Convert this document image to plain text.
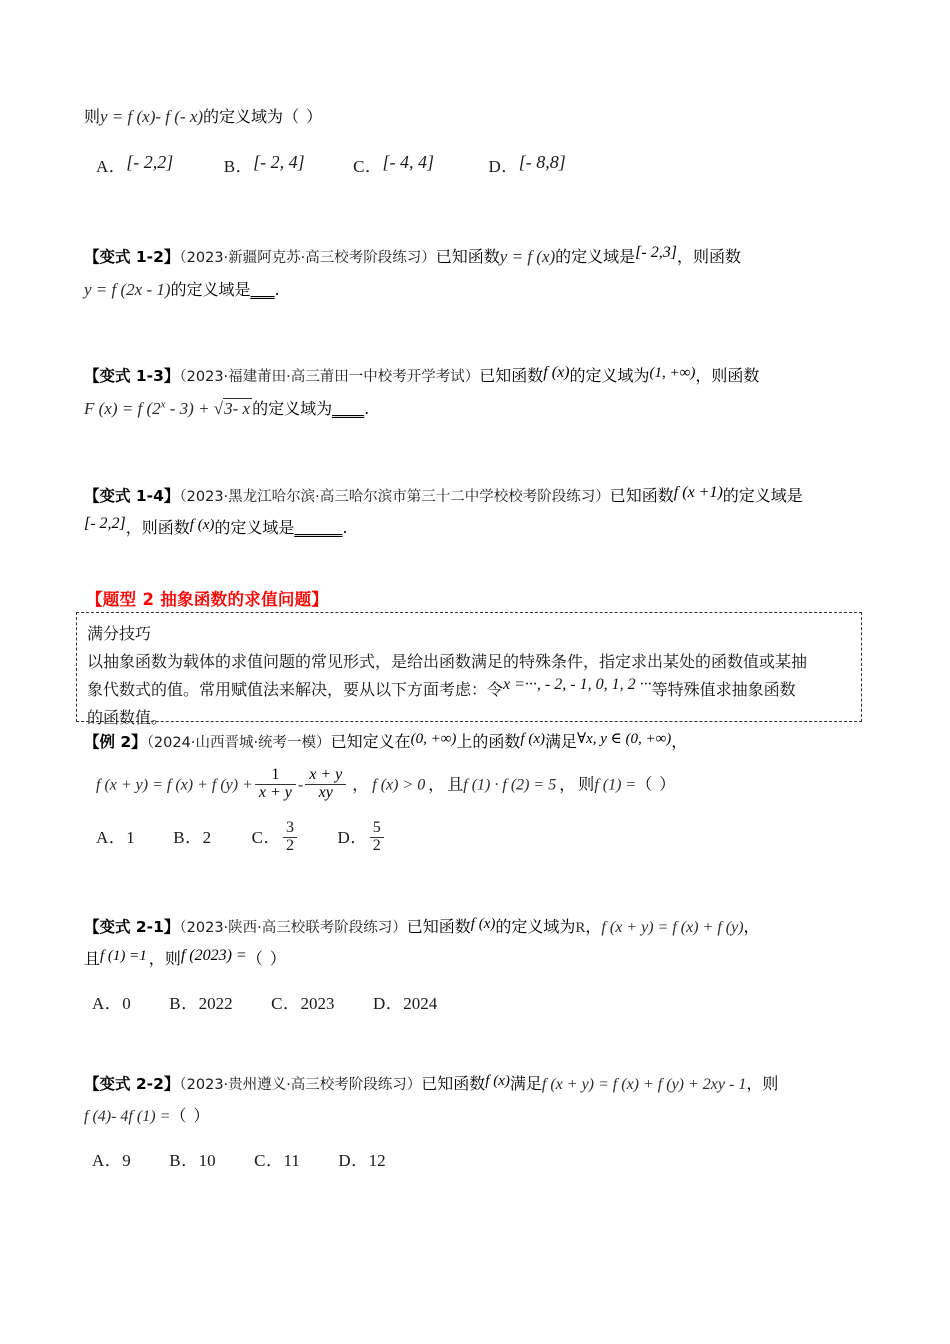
则y = f (x)- f (- x)的定义域为（ ）
A．[- 2,2]	B．[- 2, 4]	C．[- 4, 4]	D．[- 8,8]
【变式 1-2】（2023·新疆阿克苏·高三校考阶段练习）已知函数y = f (x)的定义域是[- 2,3]，则函数
y = f (2x - 1)的定义域是___.
【变式 1-3】（2023·福建莆田·高三莆田一中校考开学考试）已知函数f (x)的定义域为(1, +∞)，则函数
F (x) = f (2$^x$ - 3) + √3- x 的定义域为____.
【变式 1-4】（2023·黑龙江哈尔滨·高三哈尔滨市第三十二中学校校考阶段练习）已知函数f (x +1)的定义域是
[- 2,2]，则函数f (x)的定义域是______.
【题型 2 抽象函数的求值问题】
满分技巧
以抽象函数为载体的求值问题的常见形式，是给出函数满足的特殊条件，指定求出某处的函数值或某抽
象代数式的值。常用赋值法来解决，要从以下方面考虑：令x =···, - 2, - 1, 0, 1, 2 ···等特殊值求抽象函数
的函数值。
【例 2】（2024·山西晋城·统考一模）已知定义在(0, +∞)上的函数f (x)满足∀x, y ∈ (0, +∞)，
f (x + y) = f (x) + f $(y) + \frac{1}{x + y} - \frac{x + y}{xy}$ ， f (x) > 0 ， 且f (1) · f (2) = 5 ， 则f (1) =（ ）
A．1 B．2 C． $\frac{3}{2}$ D． $\frac{5}{2}$
【变式 2-1】（2023·陕西·高三校联考阶段练习）已知函数f (x)的定义域为R，f (x + y) = f (x) + f (y)，
且f (1) =1 ，则f (2023) =（ ）
A．0 B．2022 C．2023 D．2024
【变式 2-2】（2023·贵州遵义·高三校考阶段练习）已知函数f (x)满足f (x + y) = f (x) + f (y) + 2xy - 1，则
f (4)- 4f (1) =（ ）
A．9 B．10 C．11 D．12
